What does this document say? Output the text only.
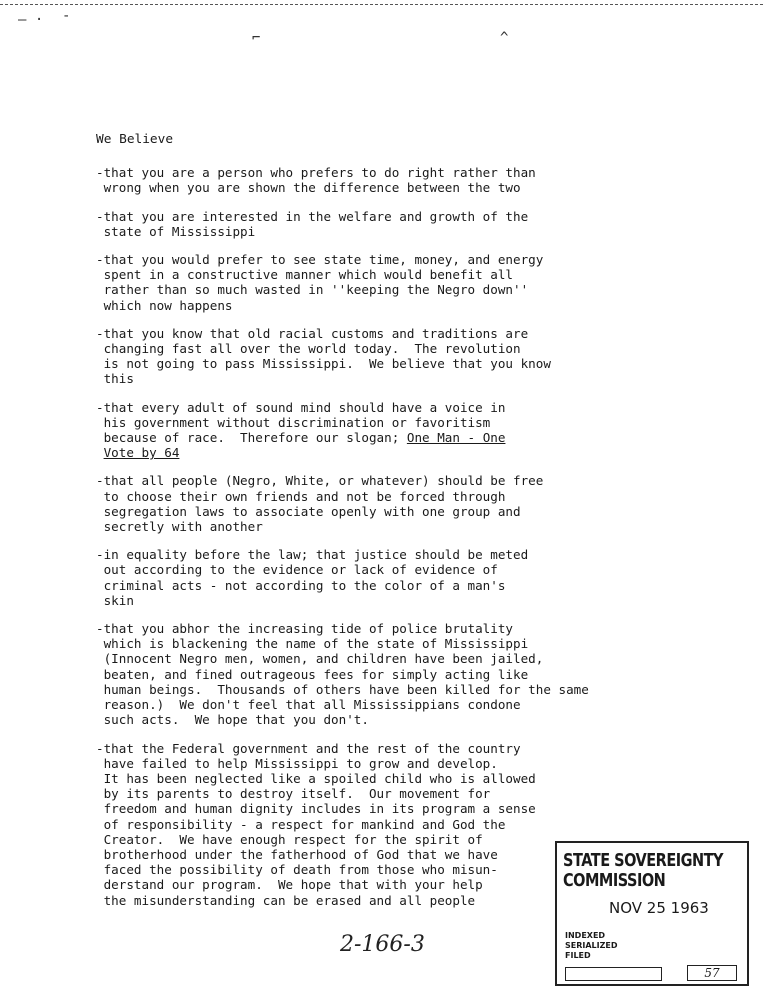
— · -
⌐	^
We Believe
-that you are a person who prefers to do right rather than
wrong when you are shown the difference between the two
-that you are interested in the welfare and growth of the
state of Mississippi
-that you would prefer to see state time, money, and energy
spent in a constructive manner which would benefit all
rather than so much wasted in ''keeping the Negro down''
which now happens
-that you know that old racial customs and traditions are
changing fast all over the world today.  The revolution
is not going to pass Mississippi.  We believe that you know
this
-that every adult of sound mind should have a voice in
his government without discrimination or favoritism
because of race.  Therefore our slogan; One Man - One
Vote by 64
-that all people (Negro, White, or whatever) should be free
to choose their own friends and not be forced through
segregation laws to associate openly with one group and
secretly with another
-in equality before the law; that justice should be meted
out according to the evidence or lack of evidence of
criminal acts - not according to the color of a man's
skin
-that you abhor the increasing tide of police brutality
which is blackening the name of the state of Mississippi
(Innocent Negro men, women, and children have been jailed,
beaten, and fined outrageous fees for simply acting like
human beings.  Thousands of others have been killed for the same
reason.)  We don't feel that all Mississippians condone
such acts.  We hope that you don't.
-that the Federal government and the rest of the country
have failed to help Mississippi to grow and develop.
It has been neglected like a spoiled child who is allowed
by its parents to destroy itself.  Our movement for
freedom and human dignity includes in its program a sense
of responsibility - a respect for mankind and God the
Creator.  We have enough respect for the spirit of
brotherhood under the fatherhood of God that we have
faced the possibility of death from those who misun-
derstand our program.  We hope that with your help
the misunderstanding can be erased and all people
2-166-3
STATE SOVEREIGNTY COMMISSION
NOV 25 1963
INDEXED
SERIALIZED
FILED
57
